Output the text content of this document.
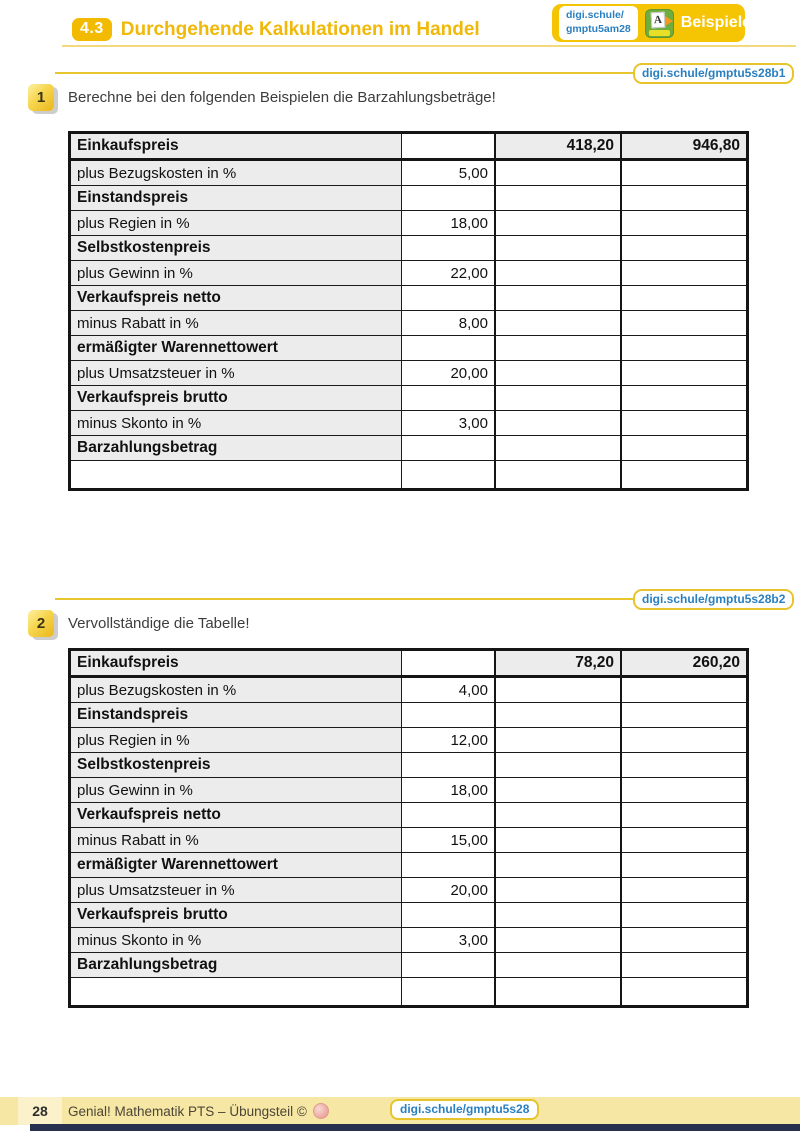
4.3 Durchgehende Kalkulationen im Handel
digi.schule/
gmptu5am28
A Beispiele
digi.schule/gmptu5s28b1
1	Berechne bei den folgenden Beispielen die Barzahlungsbeträge!

Einkaufspreis		418,20	946,80
plus Bezugskosten in %	5,00		
Einstandspreis			
plus Regien in %	18,00		
Selbstkostenpreis			
plus Gewinn in %	22,00		
Verkaufspreis netto			
minus Rabatt in %	8,00		
ermäßigter Warennettowert			
plus Umsatzsteuer in %	20,00		
Verkaufspreis brutto			
minus Skonto in %	3,00		
Barzahlungsbetrag			

digi.schule/gmptu5s28b2
2	Vervollständige die Tabelle!

Einkaufspreis		78,20	260,20
plus Bezugskosten in %	4,00		
Einstandspreis			
plus Regien in %	12,00		
Selbstkostenpreis			
plus Gewinn in %	18,00		
Verkaufspreis netto			
minus Rabatt in %	15,00		
ermäßigter Warennettowert			
plus Umsatzsteuer in %	20,00		
Verkaufspreis brutto			
minus Skonto in %	3,00		
Barzahlungsbetrag			

28	Genial! Mathematik PTS – Übungsteil ©	digi.schule/gmptu5s28
